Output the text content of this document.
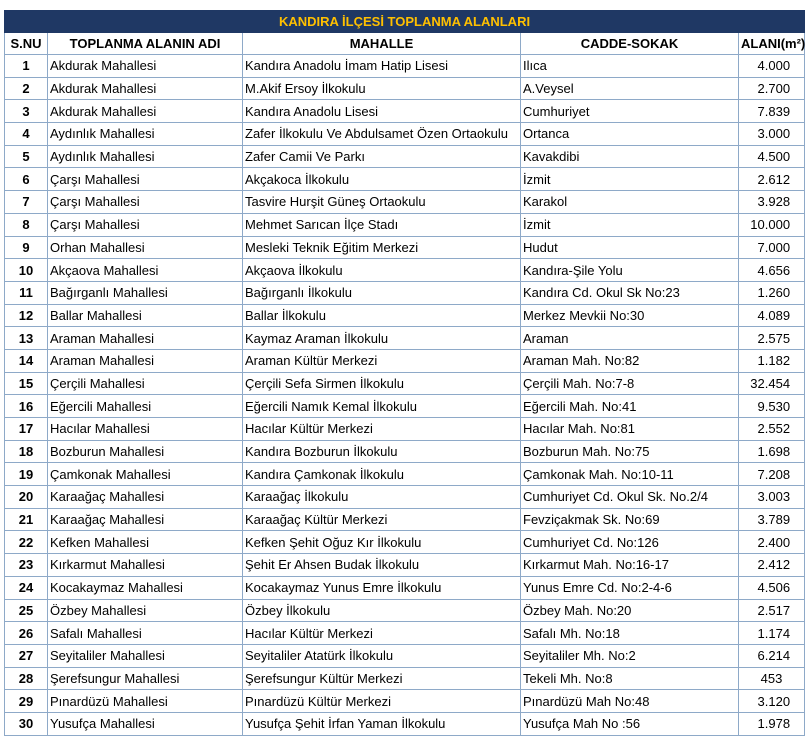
KANDIRA İLÇESİ TOPLANMA ALANLARI				
S.NU	TOPLANMA ALANIN ADI	MAHALLE	CADDE-SOKAK	ALANI(m²)
1	Akdurak Mahallesi	Kandıra Anadolu İmam Hatip Lisesi	Ilıca	4.000
2	Akdurak Mahallesi	M.Akif Ersoy İlkokulu	A.Veysel	2.700
3	Akdurak Mahallesi	Kandıra Anadolu Lisesi	Cumhuriyet	7.839
4	Aydınlık Mahallesi	Zafer İlkokulu Ve Abdulsamet Özen Ortaokulu	Ortanca	3.000
5	Aydınlık Mahallesi	Zafer Camii Ve Parkı	Kavakdibi	4.500
6	Çarşı Mahallesi	Akçakoca İlkokulu	İzmit	2.612
7	Çarşı Mahallesi	Tasvire Hurşit Güneş Ortaokulu	Karakol	3.928
8	Çarşı Mahallesi	Mehmet Sarıcan İlçe Stadı	İzmit	10.000
9	Orhan Mahallesi	Mesleki Teknik Eğitim Merkezi	Hudut	7.000
10	Akçaova Mahallesi	Akçaova İlkokulu	Kandıra-Şile Yolu	4.656
11	Bağırganlı Mahallesi	Bağırganlı İlkokulu	Kandıra Cd. Okul Sk No:23	1.260
12	Ballar Mahallesi	Ballar İlkokulu	Merkez Mevkii No:30	4.089
13	Araman Mahallesi	Kaymaz Araman İlkokulu	Araman	2.575
14	Araman Mahallesi	Araman Kültür Merkezi	Araman Mah. No:82	1.182
15	Çerçili Mahallesi	Çerçili Sefa Sirmen İlkokulu	Çerçili Mah. No:7-8	32.454
16	Eğercili Mahallesi	Eğercili Namık Kemal İlkokulu	Eğercili Mah. No:41	9.530
17	Hacılar Mahallesi	Hacılar Kültür Merkezi	Hacılar Mah. No:81	2.552
18	Bozburun Mahallesi	Kandıra Bozburun İlkokulu	Bozburun Mah. No:75	1.698
19	Çamkonak Mahallesi	Kandıra Çamkonak İlkokulu	Çamkonak Mah. No:10-11	7.208
20	Karaağaç Mahallesi	Karaağaç İlkokulu	Cumhuriyet Cd. Okul Sk. No.2/4	3.003
21	Karaağaç Mahallesi	Karaağaç Kültür Merkezi	Fevziçakmak Sk. No:69	3.789
22	Kefken Mahallesi	Kefken Şehit Oğuz Kır İlkokulu	Cumhuriyet Cd. No:126	2.400
23	Kırkarmut Mahallesi	Şehit Er Ahsen Budak İlkokulu	Kırkarmut Mah. No:16-17	2.412
24	Kocakaymaz Mahallesi	Kocakaymaz Yunus Emre İlkokulu	Yunus Emre Cd. No:2-4-6	4.506
25	Özbey Mahallesi	Özbey İlkokulu	Özbey Mah. No:20	2.517
26	Safalı Mahallesi	Hacılar Kültür Merkezi	Safalı Mh. No:18	1.174
27	Seyitaliler Mahallesi	Seyitaliler Atatürk İlkokulu	Seyitaliler Mh. No:2	6.214
28	Şerefsungur Mahallesi	Şerefsungur Kültür Merkezi	Tekeli Mh. No:8	453
29	Pınardüzü Mahallesi	Pınardüzü Kültür Merkezi	Pınardüzü Mah No:48	3.120
30	Yusufça Mahallesi	Yusufça Şehit İrfan Yaman İlkokulu	Yusufça Mah No :56	1.978
